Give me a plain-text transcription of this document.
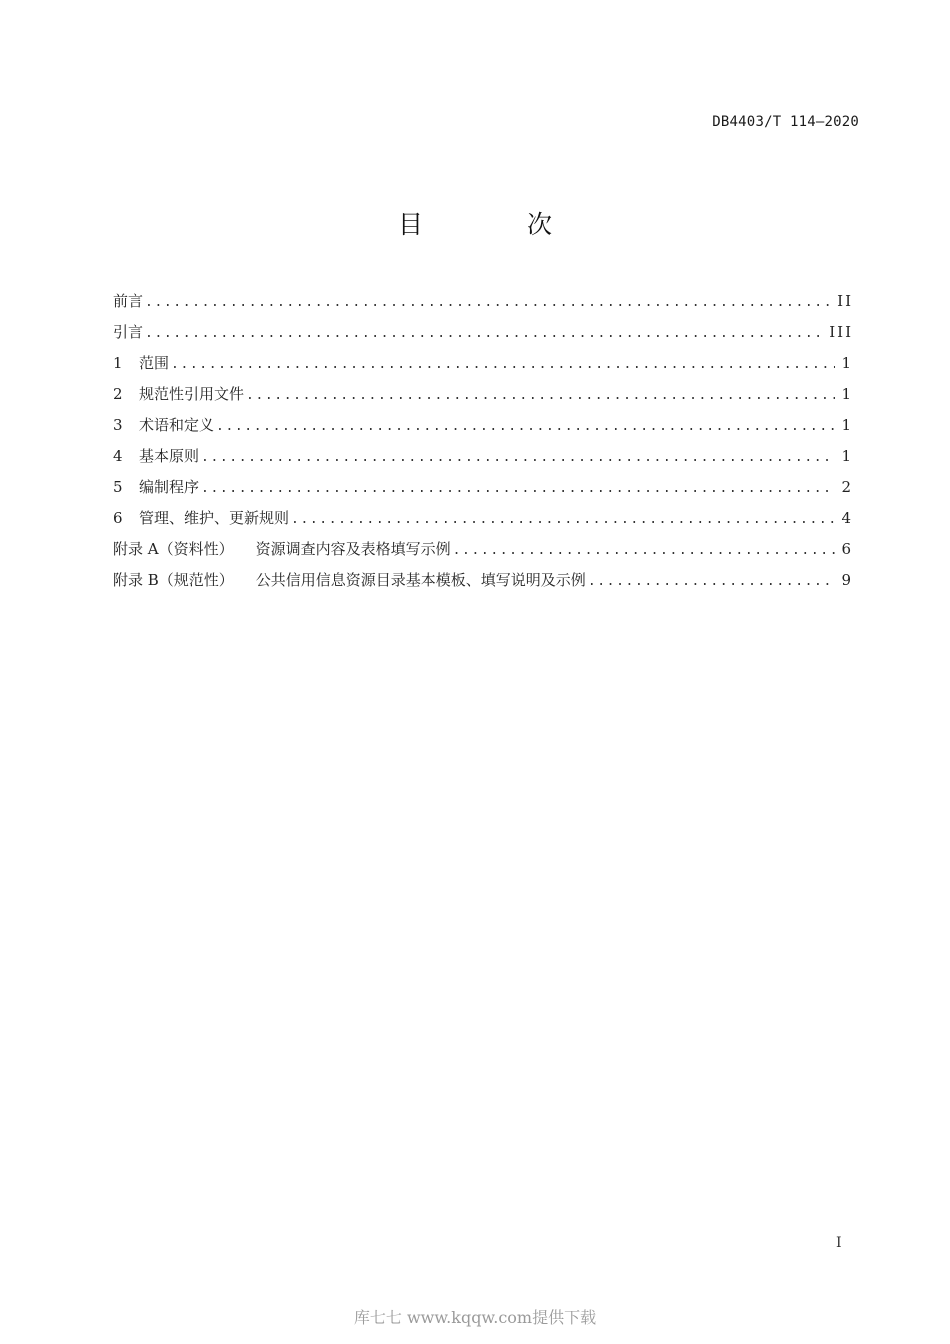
DB4403/T 114—2020
目 次
前言 .....	II
引言 .....	III
1	范围 .....	1
2	规范性引用文件 .....	1
3	术语和定义 .....	1
4	基本原则 .....	1
5	编制程序 .....	2
6	管理、维护、更新规则 .....	4
附录 A（资料性） 资源调查内容及表格填写示例 .....	6
附录 B（规范性） 公共信用信息资源目录基本模板、填写说明及示例 .....	9
I
库七七 www.kqqw.com提供下载
